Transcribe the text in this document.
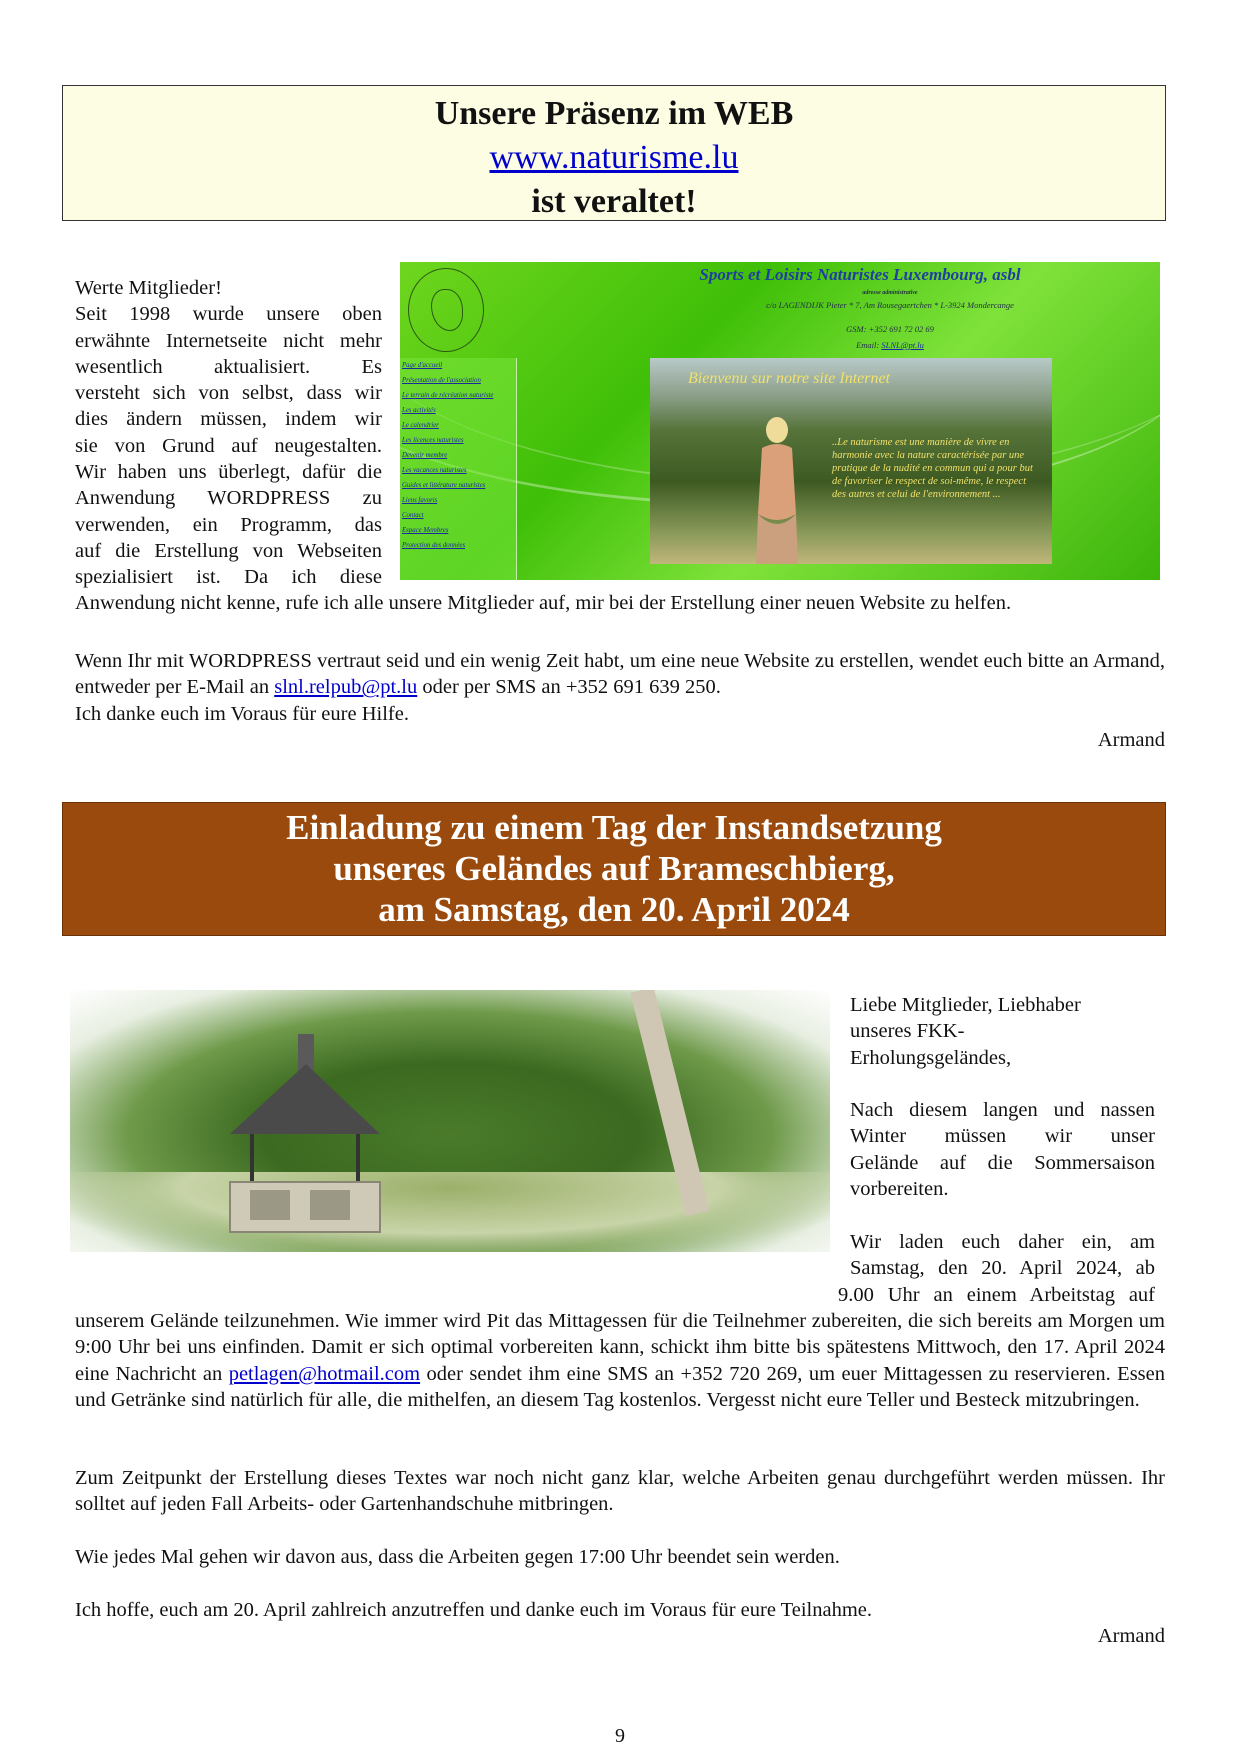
Unsere Präsenz im WEB
www.naturisme.lu
ist veraltet!
Werte Mitglieder!
Seit 1998 wurde unsere oben
erwähnte Internetseite nicht mehr
wesentlich aktualisiert. Es
versteht sich von selbst, dass wir
dies ändern müssen, indem wir
sie von Grund auf neugestalten.
Wir haben uns überlegt, dafür die
Anwendung WORDPRESS zu
verwenden, ein Programm, das
auf die Erstellung von Webseiten
spezialisiert ist. Da ich diese
Sports et Loisirs Naturistes Luxembourg, asbl
adresse administrative
c/o LAGENDIJK Pieter * 7, Am Rousegaertchen * L-3924 Mondercange
GSM: +352 691 72 02 69
Email: SLNL@pt.lu
Page d'accueil
Présentation de l'association
Le terrain de récréation naturiste
Les activités
Le calendrier
Les licences naturistes
Devenir membre
Les vacances naturistes
Guides et littérature naturistes
Liens favoris
Contact
Espace Membres
Protection des données
Bienvenu sur notre site Internet
..Le naturisme est une manière de vivre en harmonie avec la nature caractérisée par une pratique de la nudité en commun qui a pour but de favoriser le respect de soi-même, le respect des autres et celui de l'environnement ...
Anwendung nicht kenne, rufe ich alle unsere Mitglieder auf, mir bei der Erstellung einer neuen Website zu helfen.
Wenn Ihr mit WORDPRESS vertraut seid und ein wenig Zeit habt, um eine neue Website zu erstellen, wendet euch bitte an Armand, entweder per E-Mail an slnl.relpub@pt.lu oder per SMS an +352 691 639 250.
Ich danke euch im Voraus für eure Hilfe.
Armand
Einladung zu einem Tag der Instandsetzung
unseres Geländes auf Brameschbierg,
am Samstag, den 20. April 2024
Liebe Mitglieder, Liebhaber
unseres FKK-
Erholungsgeländes,
Nach diesem langen und nassen
Winter müssen wir unser
Gelände auf die Sommersaison
vorbereiten.
Wir laden euch daher ein, am
Samstag, den 20. April 2024, ab
9.00 Uhr an einem Arbeitstag auf
unserem Gelände teilzunehmen. Wie immer wird Pit das Mittagessen für die Teilnehmer zubereiten, die sich bereits am Morgen um 9:00 Uhr bei uns einfinden. Damit er sich optimal vorbereiten kann, schickt ihm bitte bis spätestens Mittwoch, den 17. April 2024 eine Nachricht an petlagen@hotmail.com oder sendet ihm eine SMS an +352 720 269, um euer Mittagessen zu reservieren. Essen und Getränke sind natürlich für alle, die mithelfen, an diesem Tag kostenlos. Vergesst nicht eure Teller und Besteck mitzubringen.
Zum Zeitpunkt der Erstellung dieses Textes war noch nicht ganz klar, welche Arbeiten genau durchgeführt werden müssen. Ihr solltet auf jeden Fall Arbeits- oder Gartenhandschuhe mitbringen.
Wie jedes Mal gehen wir davon aus, dass die Arbeiten gegen 17:00 Uhr beendet sein werden.
Ich hoffe, euch am 20. April zahlreich anzutreffen und danke euch im Voraus für eure Teilnahme.
Armand
9
